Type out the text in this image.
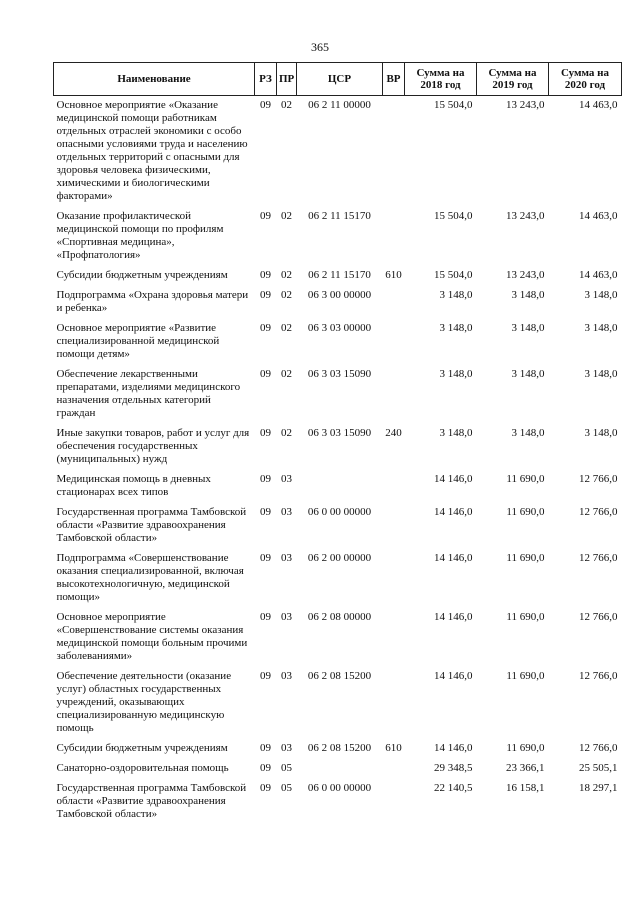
365
Наименование	РЗ	ПР	ЦСР	ВР	Сумма на 2018 год	Сумма на 2019 год	Сумма на 2020 год
Основное мероприятие «Оказание медицинской помощи работникам отдельных отраслей экономики с особо опасными условиями труда и населению отдельных территорий с опасными для здоровья человека физическими, химическими и биологическими факторами»	09	02	06 2 11 00000		15 504,0	13 243,0	14 463,0
Оказание профилактической медицинской помощи по профилям «Спортивная медицина», «Профпатология»	09	02	06 2 11 15170		15 504,0	13 243,0	14 463,0
Субсидии бюджетным учреждениям	09	02	06 2 11 15170	610	15 504,0	13 243,0	14 463,0
Подпрограмма «Охрана здоровья матери и ребенка»	09	02	06 3 00 00000		3 148,0	3 148,0	3 148,0
Основное мероприятие «Развитие специализированной медицинской помощи детям»	09	02	06 3 03 00000		3 148,0	3 148,0	3 148,0
Обеспечение лекарственными препаратами, изделиями медицинского назначения отдельных категорий граждан	09	02	06 3 03 15090		3 148,0	3 148,0	3 148,0
Иные закупки товаров, работ и услуг для обеспечения государственных (муниципальных) нужд	09	02	06 3 03 15090	240	3 148,0	3 148,0	3 148,0
Медицинская помощь в дневных стационарах всех типов	09	03			14 146,0	11 690,0	12 766,0
Государственная программа Тамбовской области «Развитие здравоохранения Тамбовской области»	09	03	06 0 00 00000		14 146,0	11 690,0	12 766,0
Подпрограмма «Совершенствование оказания специализированной, включая высокотехнологичную, медицинской помощи»	09	03	06 2 00 00000		14 146,0	11 690,0	12 766,0
Основное мероприятие «Совершенствование системы оказания медицинской помощи больным прочими заболеваниями»	09	03	06 2 08 00000		14 146,0	11 690,0	12 766,0
Обеспечение деятельности (оказание услуг) областных государственных учреждений, оказывающих специализированную медицинскую помощь	09	03	06 2 08 15200		14 146,0	11 690,0	12 766,0
Субсидии бюджетным учреждениям	09	03	06 2 08 15200	610	14 146,0	11 690,0	12 766,0
Санаторно-оздоровительная помощь	09	05			29 348,5	23 366,1	25 505,1
Государственная программа Тамбовской области «Развитие здравоохранения Тамбовской области»	09	05	06 0 00 00000		22 140,5	16 158,1	18 297,1
